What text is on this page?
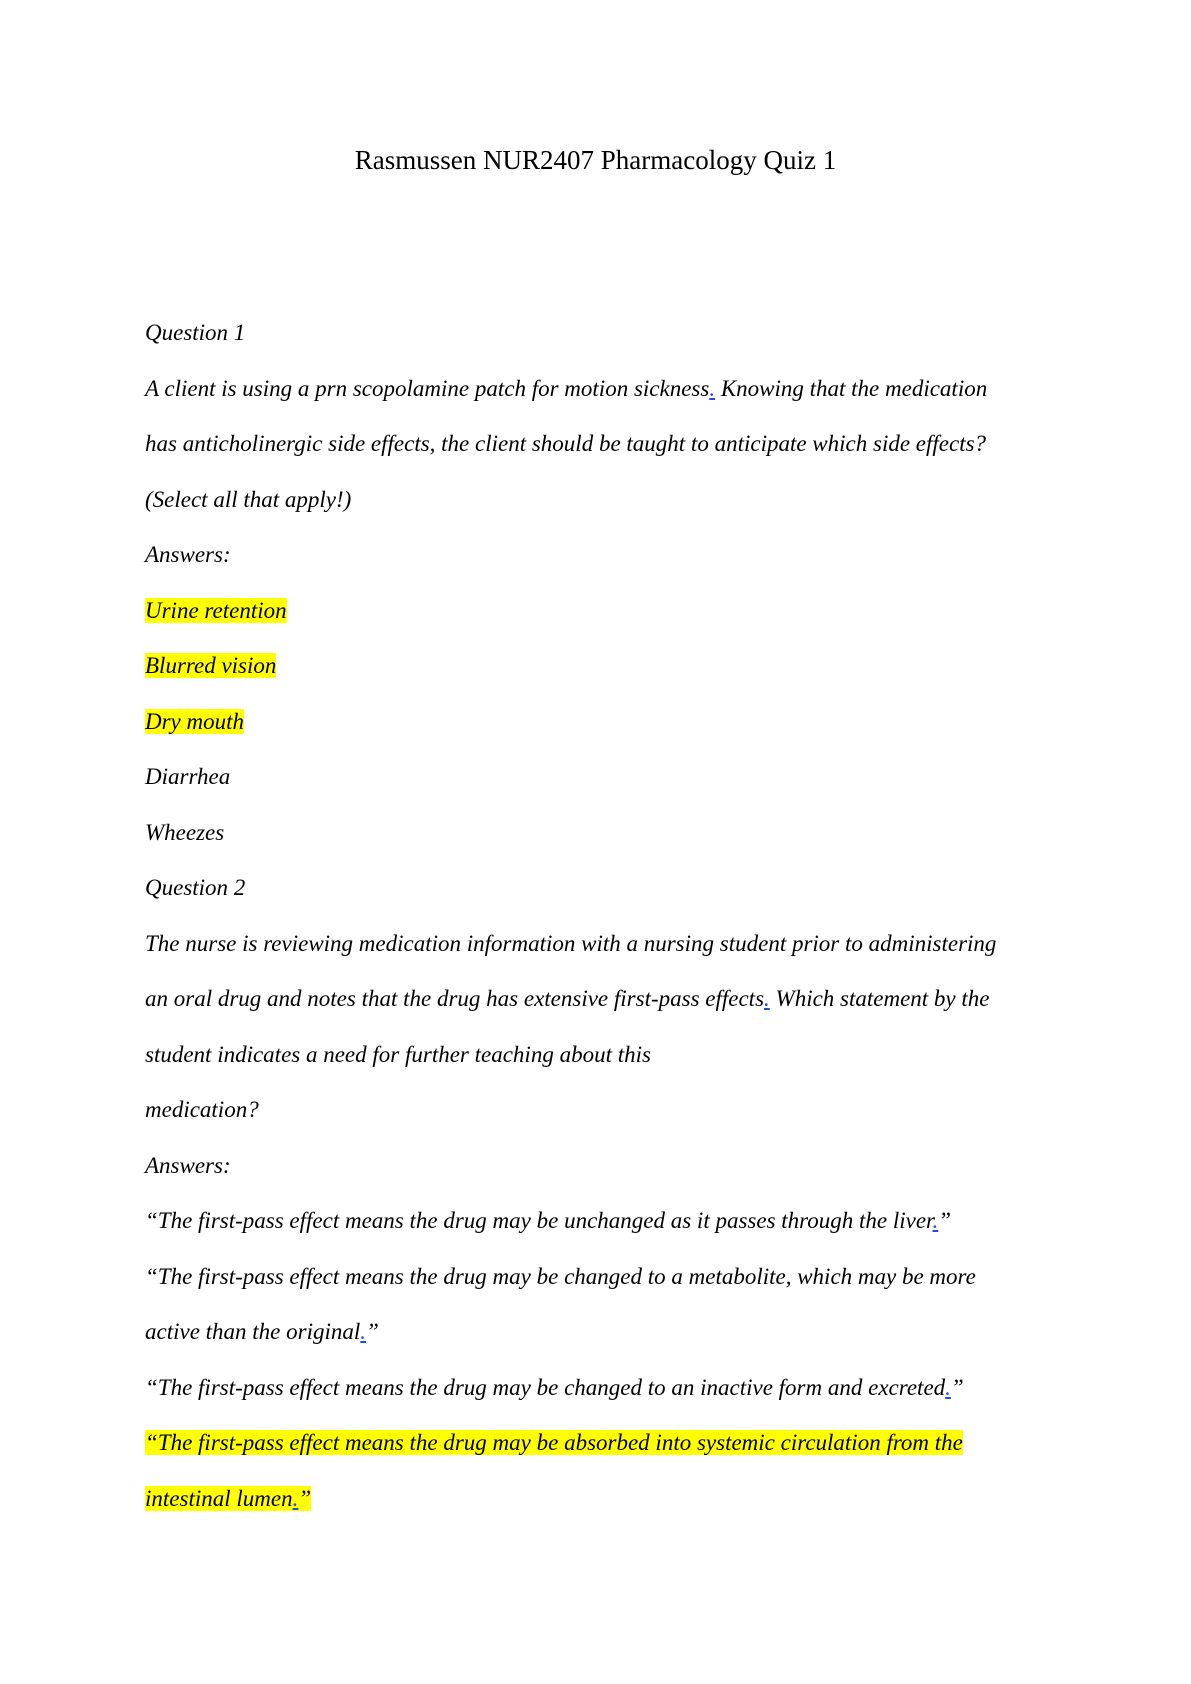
Rasmussen NUR2407 Pharmacology Quiz 1
Question 1
A client is using a prn scopolamine patch for motion sickness. Knowing that the medication
has anticholinergic side effects, the client should be taught to anticipate which side effects?
(Select all that apply!)
Answers:
Urine retention
Blurred vision
Dry mouth
Diarrhea
Wheezes
Question 2
The nurse is reviewing medication information with a nursing student prior to administering
an oral drug and notes that the drug has extensive first-pass effects. Which statement by the
student indicates a need for further teaching about this
medication?
Answers:
“The first-pass effect means the drug may be unchanged as it passes through the liver.”
“The first-pass effect means the drug may be changed to a metabolite, which may be more
active than the original.”
“The first-pass effect means the drug may be changed to an inactive form and excreted.”
“The first-pass effect means the drug may be absorbed into systemic circulation from the
intestinal lumen.”
